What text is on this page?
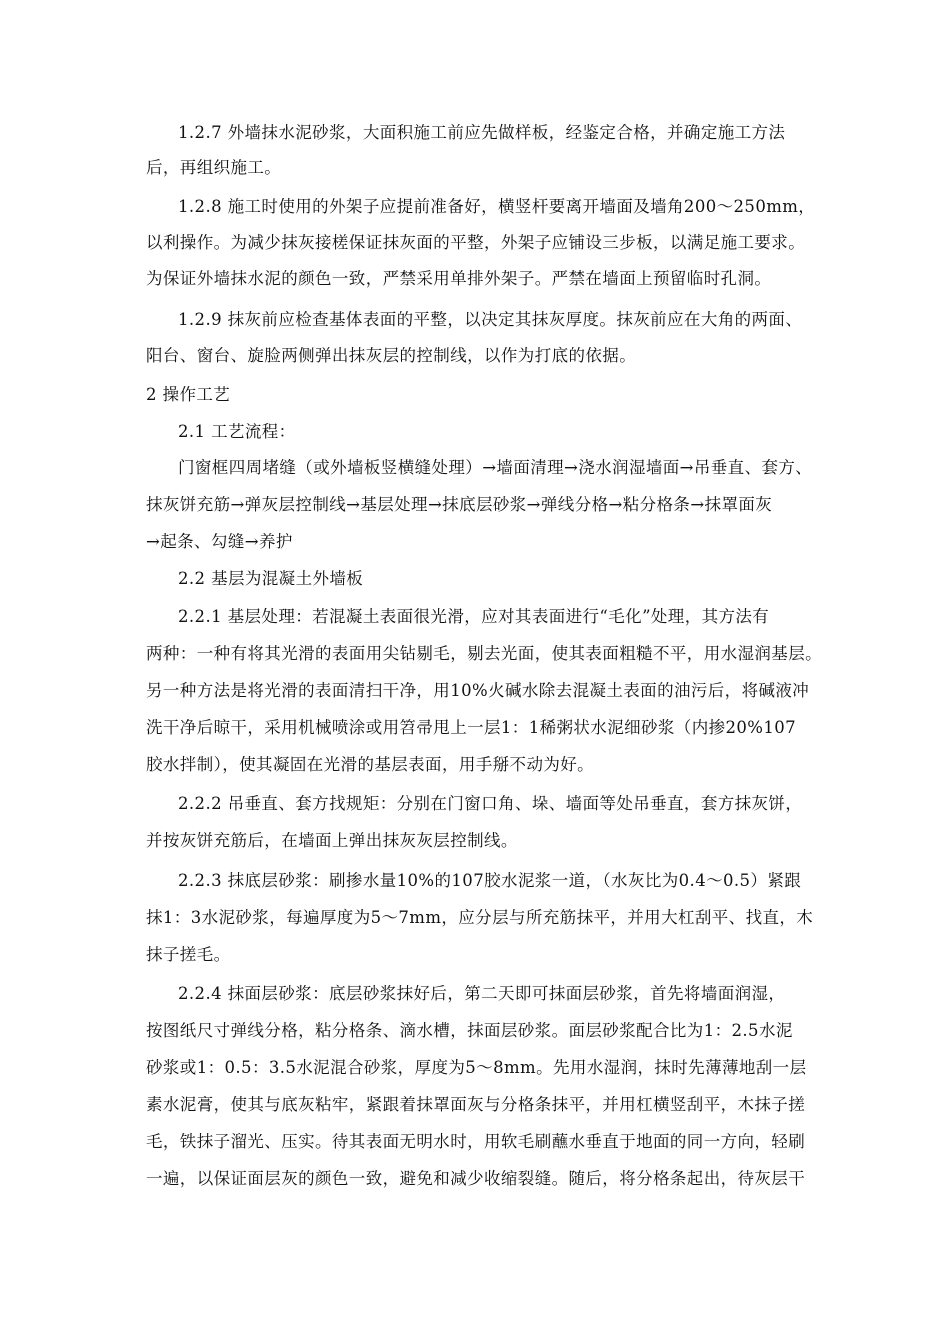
1.2.7 外墙抹水泥砂浆，大面积施工前应先做样板，经鉴定合格，并确定施工方法
后，再组织施工。
1.2.8 施工时使用的外架子应提前准备好，横竖杆要离开墙面及墙角200～250mm，
以利操作。为减少抹灰接槎保证抹灰面的平整，外架子应铺设三步板，以满足施工要求。
为保证外墙抹水泥的颜色一致，严禁采用单排外架子。严禁在墙面上预留临时孔洞。
1.2.9 抹灰前应检查基体表面的平整，以决定其抹灰厚度。抹灰前应在大角的两面、
阳台、窗台、旋脸两侧弹出抹灰层的控制线，以作为打底的依据。
2 操作工艺
2.1 工艺流程：
门窗框四周堵缝（或外墙板竖横缝处理）→墙面清理→浇水润湿墙面→吊垂直、套方、
抹灰饼充筋→弹灰层控制线→基层处理→抹底层砂浆→弹线分格→粘分格条→抹罩面灰
→起条、勾缝→养护
2.2 基层为混凝土外墙板
2.2.1 基层处理：若混凝土表面很光滑，应对其表面进行“毛化”处理，其方法有
两种：一种有将其光滑的表面用尖钻剔毛，剔去光面，使其表面粗糙不平，用水湿润基层。
另一种方法是将光滑的表面清扫干净，用10%火碱水除去混凝土表面的油污后，将碱液冲
洗干净后晾干，采用机械喷涂或用笤帚甩上一层1：1稀粥状水泥细砂浆（内掺20%107
胶水拌制），使其凝固在光滑的基层表面，用手掰不动为好。
2.2.2 吊垂直、套方找规矩：分别在门窗口角、垛、墙面等处吊垂直，套方抹灰饼，
并按灰饼充筋后，在墙面上弹出抹灰灰层控制线。
2.2.3 抹底层砂浆：刷掺水量10%的107胶水泥浆一道，（水灰比为0.4～0.5）紧跟
抹1：3水泥砂浆，每遍厚度为5～7mm，应分层与所充筋抹平，并用大杠刮平、找直，木
抹子搓毛。
2.2.4 抹面层砂浆：底层砂浆抹好后，第二天即可抹面层砂浆，首先将墙面润湿，
按图纸尺寸弹线分格，粘分格条、滴水槽，抹面层砂浆。面层砂浆配合比为1：2.5水泥
砂浆或1：0.5：3.5水泥混合砂浆，厚度为5～8mm。先用水湿润，抹时先薄薄地刮一层
素水泥膏，使其与底灰粘牢，紧跟着抹罩面灰与分格条抹平，并用杠横竖刮平，木抹子搓
毛，铁抹子溜光、压实。待其表面无明水时，用软毛刷蘸水垂直于地面的同一方向，轻刷
一遍，以保证面层灰的颜色一致，避免和减少收缩裂缝。随后，将分格条起出，待灰层干
